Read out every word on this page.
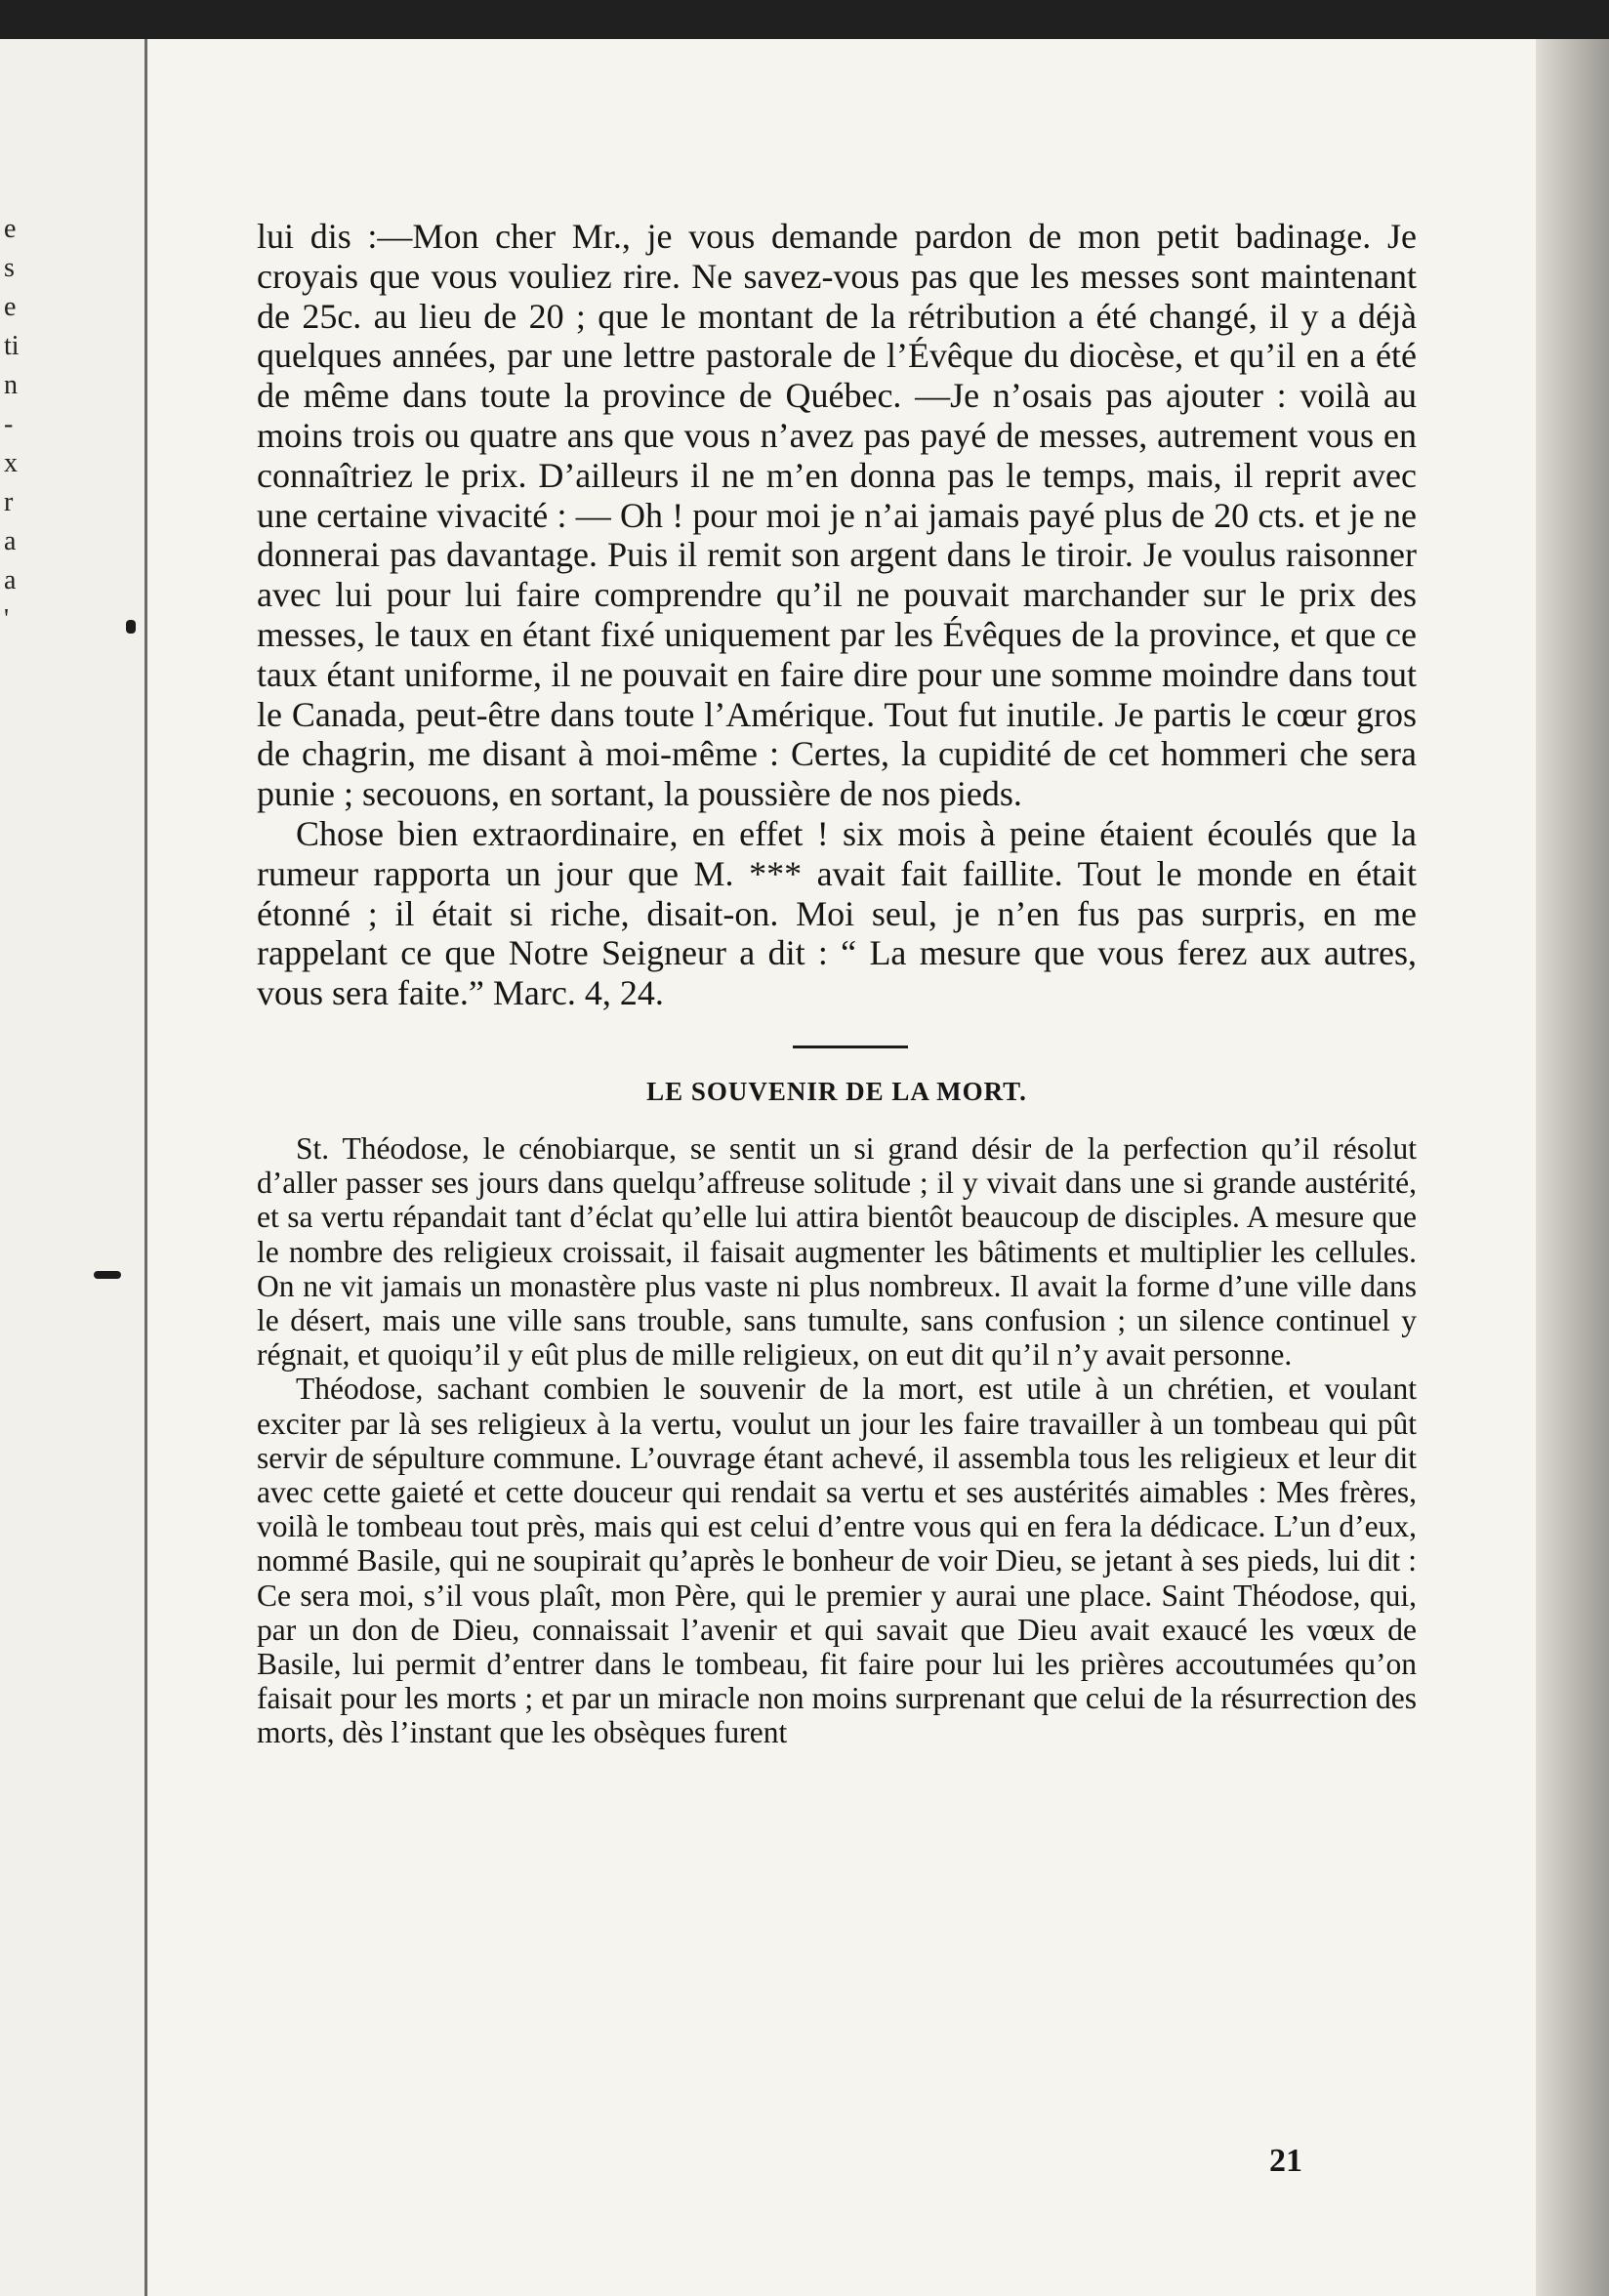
e
s
e
ti
n
-
x
r
a
a
'

lui dis :—Mon cher Mr., je vous demande pardon de mon petit badinage. Je croyais que vous vouliez rire. Ne savez-vous pas que les messes sont maintenant de 25c. au lieu de 20 ; que le montant de la rétribution a été changé, il y a déjà quelques années, par une lettre pastorale de l’Évêque du diocèse, et qu’il en a été de même dans toute la province de Québec. —Je n’osais pas ajouter : voilà au moins trois ou quatre ans que vous n’avez pas payé de messes, autrement vous en connaîtriez le prix. D’ailleurs il ne m’en donna pas le temps, mais, il reprit avec une certaine vivacité : — Oh ! pour moi je n’ai jamais payé plus de 20 cts. et je ne donnerai pas davantage. Puis il remit son argent dans le tiroir. Je voulus raisonner avec lui pour lui faire comprendre qu’il ne pouvait marchander sur le prix des messes, le taux en étant fixé uniquement par les Évêques de la province, et que ce taux étant uniforme, il ne pouvait en faire dire pour une somme moindre dans tout le Canada, peut-être dans toute l’Amérique. Tout fut inutile. Je partis le cœur gros de chagrin, me disant à moi-même : Certes, la cupidité de cet hommeri che sera punie ; secouons, en sortant, la poussière de nos pieds.

Chose bien extraordinaire, en effet ! six mois à peine étaient écoulés que la rumeur rapporta un jour que M. *** avait fait faillite. Tout le monde en était étonné ; il était si riche, disait-on. Moi seul, je n’en fus pas surpris, en me rappelant ce que Notre Seigneur a dit : “ La mesure que vous ferez aux autres, vous sera faite.” Marc. 4, 24.

LE SOUVENIR DE LA MORT.

St. Théodose, le cénobiarque, se sentit un si grand désir de la perfection qu’il résolut d’aller passer ses jours dans quelqu’affreuse solitude ; il y vivait dans une si grande austérité, et sa vertu répandait tant d’éclat qu’elle lui attira bientôt beaucoup de disciples. A mesure que le nombre des religieux croissait, il faisait augmenter les bâtiments et multiplier les cellules. On ne vit jamais un monastère plus vaste ni plus nombreux. Il avait la forme d’une ville dans le désert, mais une ville sans trouble, sans tumulte, sans confusion ; un silence continuel y régnait, et quoiqu’il y eût plus de mille religieux, on eut dit qu’il n’y avait personne.

Théodose, sachant combien le souvenir de la mort, est utile à un chrétien, et voulant exciter par là ses religieux à la vertu, voulut un jour les faire travailler à un tombeau qui pût servir de sépulture commune. L’ouvrage étant achevé, il assembla tous les religieux et leur dit avec cette gaieté et cette douceur qui rendait sa vertu et ses austérités aimables : Mes frères, voilà le tombeau tout près, mais qui est celui d’entre vous qui en fera la dédicace. L’un d’eux, nommé Basile, qui ne soupirait qu’après le bonheur de voir Dieu, se jetant à ses pieds, lui dit : Ce sera moi, s’il vous plaît, mon Père, qui le premier y aurai une place. Saint Théodose, qui, par un don de Dieu, connaissait l’avenir et qui savait que Dieu avait exaucé les vœux de Basile, lui permit d’entrer dans le tombeau, fit faire pour lui les prières accoutumées qu’on faisait pour les morts ; et par un miracle non moins surprenant que celui de la résurrection des morts, dès l’instant que les obsèques furent

21
